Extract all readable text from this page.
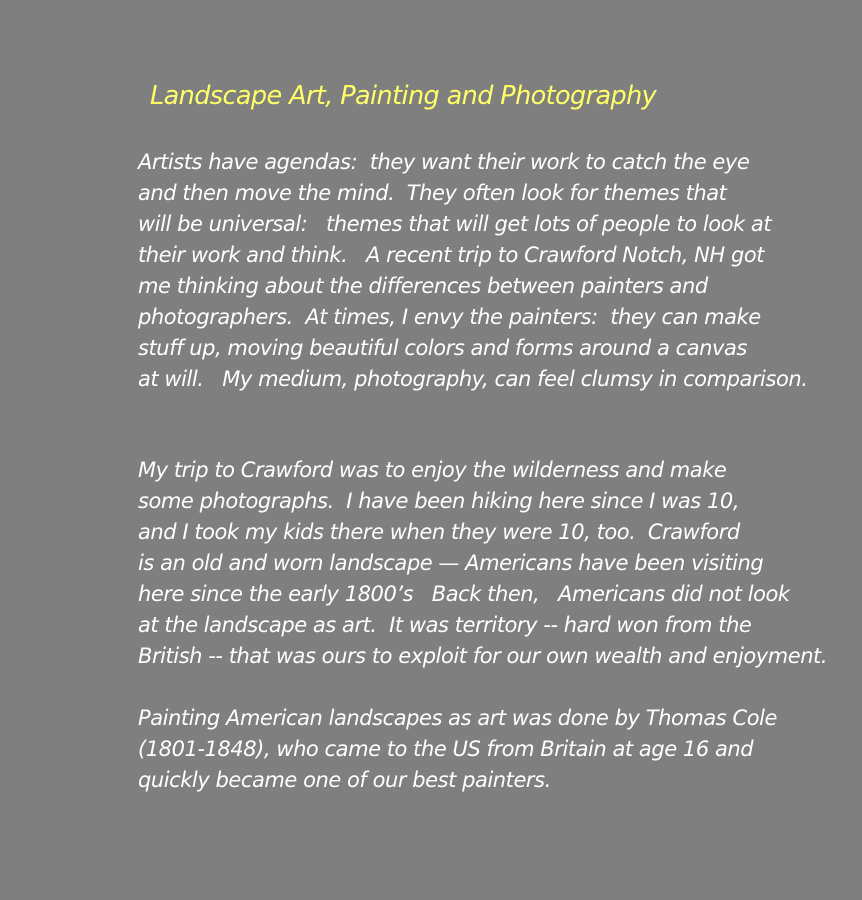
Landscape Art, Painting and Photography

Artists have agendas:  they want their work to catch the eye
and then move the mind.  They often look for themes that
will be universal:   themes that will get lots of people to look at
their work and think.   A recent trip to Crawford Notch, NH got
me thinking about the differences between painters and
photographers.  At times, I envy the painters:  they can make
stuff up, moving beautiful colors and forms around a canvas
at will.   My medium, photography, can feel clumsy in comparison.

My trip to Crawford was to enjoy the wilderness and make
some photographs.  I have been hiking here since I was 10,
and I took my kids there when they were 10, too.  Crawford
is an old and worn landscape — Americans have been visiting
here since the early 1800’s   Back then,   Americans did not look
at the landscape as art.  It was territory -- hard won from the
British -- that was ours to exploit for our own wealth and enjoyment.

Painting American landscapes as art was done by Thomas Cole
(1801-1848), who came to the US from Britain at age 16 and
quickly became one of our best painters.
